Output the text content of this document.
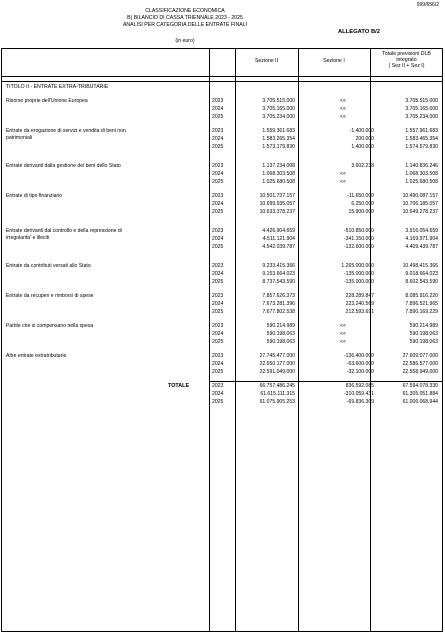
999/656/2
CLASSIFICAZIONE ECONOMICA
B) BILANCIO DI CASSA TRIENNALE 2023 - 2025
ANALISI PER CATEGORIA DELLE ENTRATE FINALI
(in euro)
ALLEGATO B/2
Sezione II	Sezione I
Totale previsioni DLB
integrato
( Sez II + Sez I)
TITOLO II - ENTRATE EXTRA-TRIBUTARIE
Risorse proprie dell'Unione Europea	2023	3.705.515.000	<<	3.705.515.000
2024	3.705.165.000	<<	3.705.165.000
2025	3.705.234.000	<<	3.705.234.000
Entrate da erogazione di servizi e vendita di beni non
patrimoniali
2023	1.559.361.683	-1.400.000	1.557.961.683
2024	1.583.265.354	200.000	1.583.465.354
2025	1.573.179.830	1.400.000	1.574.579.830
Entrate derivanti dalla gestione dei beni dello Stato	2023	1.137.234.008	3.602.238	1.140.836.246
2024	1.068.303.508	<<	1.068.303.508
2025	1.025.680.508	<<	1.025.680.508
Entrate di tipo finanziario	2023	10.501.737.157	-11.650.000	10.490.087.157
2024	10.699.935.057	6.250.000	10.706.185.057
2025	10.633.378.237	15.900.000	10.649.278.237
Entrate derivanti dal controllo e della repressione di
irregolarita' e illeciti
2023	4.426.904.659	-510.850.000	3.916.054.659
2024	4.511.121.904	-341.150.000	4.169.971.904
2025	4.542.039.787	-132.600.000	4.409.439.787
Entrate da contributi versati allo Stato	2023	9.233.415.366	1.265.000.000	10.498.415.366
2024	9.153.664.023	-135.000.000	9.018.664.023
2025	8.737.543.590	-135.000.000	8.602.543.590
Entrate da recuperi e rimborsi di spese	2023	7.857.626.373	228.289.847	8.085.916.220
2024	7.673.281.396	223.240.569	7.896.521.965
2025	7.677.802.538	212.593.691	7.890.169.229
Partite che si compensano nella spesa	2023	590.214.989	<<	590.214.989
2024	590.198.063	<<	590.198.063
2025	590.198.063	<<	590.198.063
Altre entrate extratributarie	2023	27.745.477.000	-136.400.000	27.609.077.000
2024	22.650.177.000	-63.600.000	22.586.577.000
2025	22.591.049.000	-32.100.000	22.558.949.000
TOTALE	2023	66.757.486.245	836.592.085	67.594.078.330
2024	61.615.111.315	-310.059.431	61.305.051.884
2025	61.075.905.253	-69.836.309	61.006.068.944
